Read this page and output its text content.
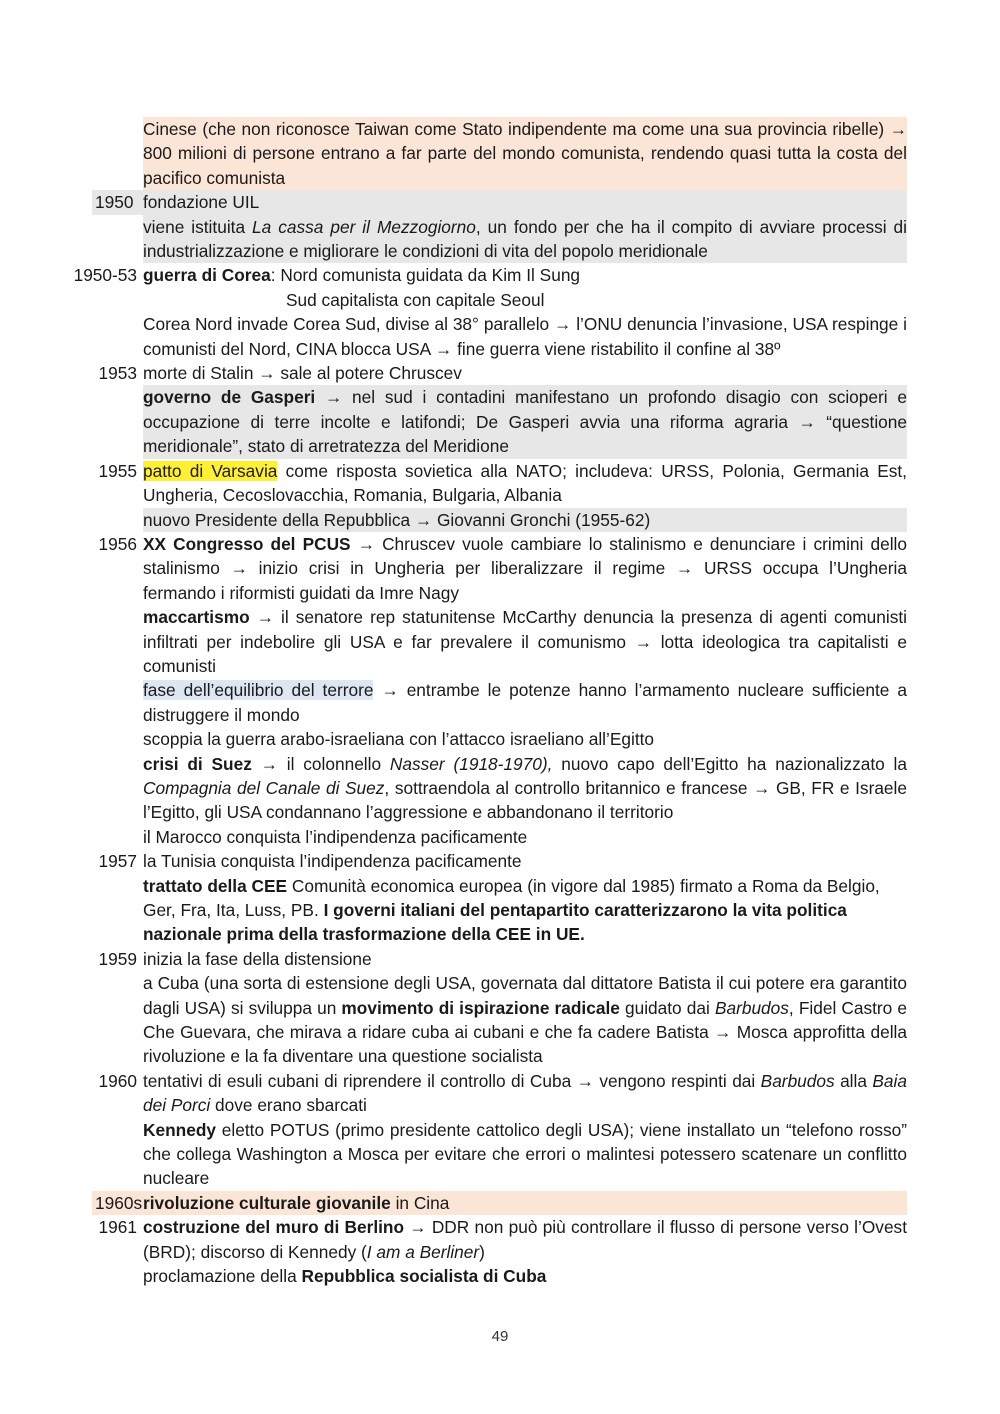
Cinese (che non riconosce Taiwan come Stato indipendente ma come una sua provincia ribelle) → 800 milioni di persone entrano a far parte del mondo comunista, rendendo quasi tutta la costa del pacifico comunista
1950 fondazione UIL
viene istituita La cassa per il Mezzogiorno, un fondo per che ha il compito di avviare processi di industrializzazione e migliorare le condizioni di vita del popolo meridionale
1950-53 guerra di Corea: Nord comunista guidata da Kim Il Sung
Sud capitalista con capitale Seoul
Corea Nord invade Corea Sud, divise al 38° parallelo → l’ONU denuncia l’invasione, USA respinge i comunisti del Nord, CINA blocca USA → fine guerra viene ristabilito il confine al 38º
1953 morte di Stalin → sale al potere Chruscev
governo de Gasperi → nel sud i contadini manifestano un profondo disagio con scioperi e occupazione di terre incolte e latifondi; De Gasperi avvia una riforma agraria → “questione meridionale”, stato di arretratezza del Meridione
1955 patto di Varsavia come risposta sovietica alla NATO; includeva: URSS, Polonia, Germania Est, Ungheria, Cecoslovacchia, Romania, Bulgaria, Albania
nuovo Presidente della Repubblica → Giovanni Gronchi (1955-62)
1956 XX Congresso del PCUS → Chruscev vuole cambiare lo stalinismo e denunciare i crimini dello stalinismo → inizio crisi in Ungheria per liberalizzare il regime → URSS occupa l’Ungheria fermando i riformisti guidati da Imre Nagy
maccartismo → il senatore rep statunitense McCarthy denuncia la presenza di agenti comunisti infiltrati per indebolire gli USA e far prevalere il comunismo → lotta ideologica tra capitalisti e comunisti
fase dell’equilibrio del terrore → entrambe le potenze hanno l’armamento nucleare sufficiente a distruggere il mondo
scoppia la guerra arabo-israeliana con l’attacco israeliano all’Egitto
crisi di Suez → il colonnello Nasser (1918-1970), nuovo capo dell’Egitto ha nazionalizzato la Compagnia del Canale di Suez, sottraendola al controllo britannico e francese → GB, FR e Israele l’Egitto, gli USA condannano l’aggressione e abbandonano il territorio
il Marocco conquista l’indipendenza pacificamente
1957 la Tunisia conquista l’indipendenza pacificamente
trattato della CEE Comunità economica europea (in vigore dal 1985) firmato a Roma da Belgio, Ger, Fra, Ita, Luss, PB. I governi italiani del pentapartito caratterizzarono la vita politica nazionale prima della trasformazione della CEE in UE.
1959 inizia la fase della distensione
a Cuba (una sorta di estensione degli USA, governata dal dittatore Batista il cui potere era garantito dagli USA) si sviluppa un movimento di ispirazione radicale guidato dai Barbudos, Fidel Castro e Che Guevara, che mirava a ridare cuba ai cubani e che fa cadere Batista → Mosca approfitta della rivoluzione e la fa diventare una questione socialista
1960 tentativi di esuli cubani di riprendere il controllo di Cuba → vengono respinti dai Barbudos alla Baia dei Porci dove erano sbarcati
Kennedy eletto POTUS (primo presidente cattolico degli USA); viene installato un “telefono rosso” che collega Washington a Mosca per evitare che errori o malintesi potessero scatenare un conflitto nucleare
1960s rivoluzione culturale giovanile in Cina
1961 costruzione del muro di Berlino → DDR non può più controllare il flusso di persone verso l’Ovest (BRD); discorso di Kennedy (I am a Berliner)
proclamazione della Repubblica socialista di Cuba
49
